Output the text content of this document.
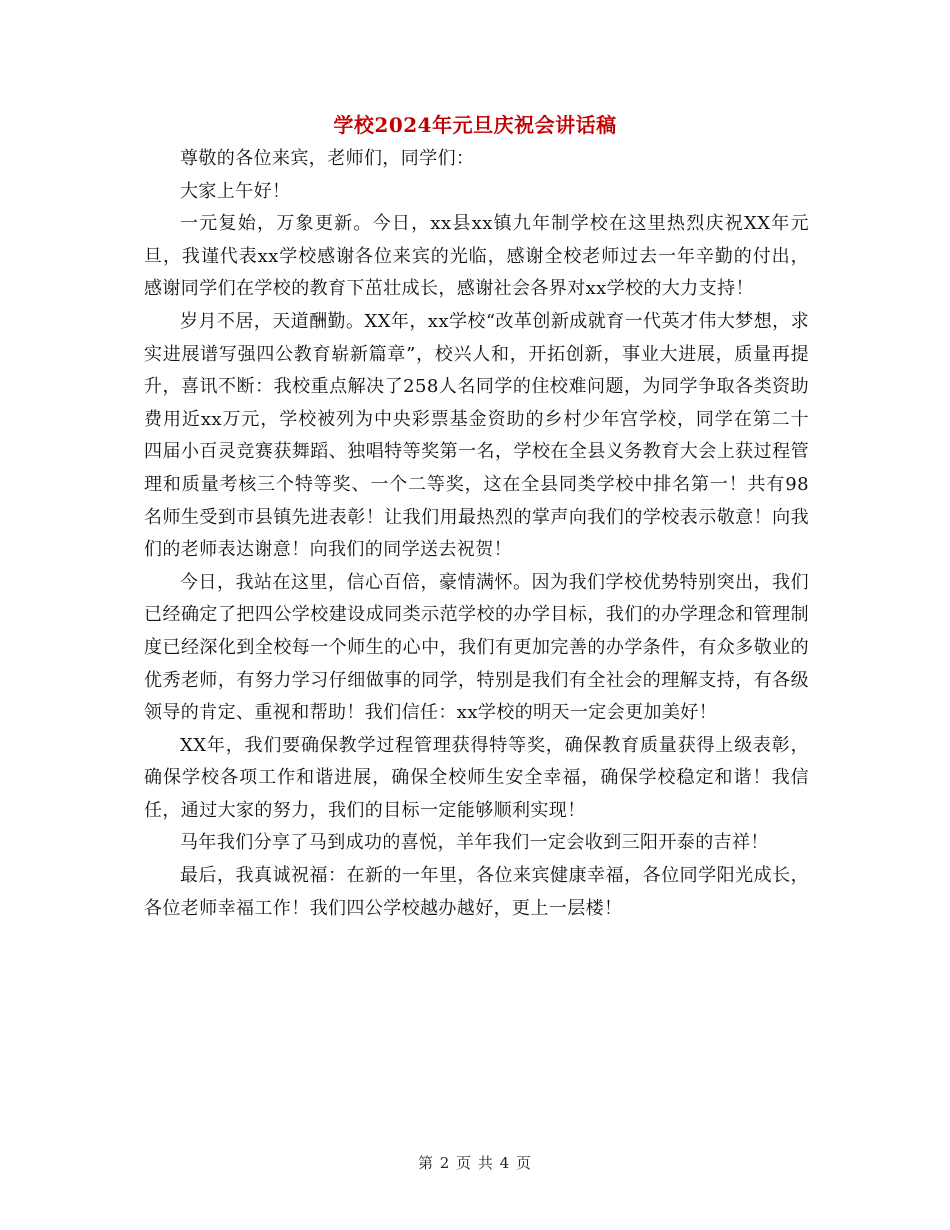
学校2024年元旦庆祝会讲话稿

尊敬的各位来宾，老师们，同学们：

大家上午好！

一元复始，万象更新。今日，xx县xx镇九年制学校在这里热烈庆祝XX年元旦，我谨代表xx学校感谢各位来宾的光临，感谢全校老师过去一年辛勤的付出，感谢同学们在学校的教育下茁壮成长，感谢社会各界对xx学校的大力支持！

岁月不居，天道酬勤。XX年，xx学校“改革创新成就育一代英才伟大梦想，求实进展谱写强四公教育崭新篇章”，校兴人和，开拓创新，事业大进展，质量再提升，喜讯不断：我校重点解决了258人名同学的住校难问题，为同学争取各类资助费用近xx万元，学校被列为中央彩票基金资助的乡村少年宫学校，同学在第二十四届小百灵竞赛获舞蹈、独唱特等奖第一名，学校在全县义务教育大会上获过程管理和质量考核三个特等奖、一个二等奖，这在全县同类学校中排名第一！共有98名师生受到市县镇先进表彰！让我们用最热烈的掌声向我们的学校表示敬意！向我们的老师表达谢意！向我们的同学送去祝贺！

今日，我站在这里，信心百倍，豪情满怀。因为我们学校优势特别突出，我们已经确定了把四公学校建设成同类示范学校的办学目标，我们的办学理念和管理制度已经深化到全校每一个师生的心中，我们有更加完善的办学条件，有众多敬业的优秀老师，有努力学习仔细做事的同学，特别是我们有全社会的理解支持，有各级领导的肯定、重视和帮助！我们信任：xx学校的明天一定会更加美好！

XX年，我们要确保教学过程管理获得特等奖，确保教育质量获得上级表彰，确保学校各项工作和谐进展，确保全校师生安全幸福，确保学校稳定和谐！我信任，通过大家的努力，我们的目标一定能够顺利实现！

马年我们分享了马到成功的喜悦，羊年我们一定会收到三阳开泰的吉祥！

最后，我真诚祝福：在新的一年里，各位来宾健康幸福，各位同学阳光成长，各位老师幸福工作！我们四公学校越办越好，更上一层楼！

第 2 页 共 4 页
